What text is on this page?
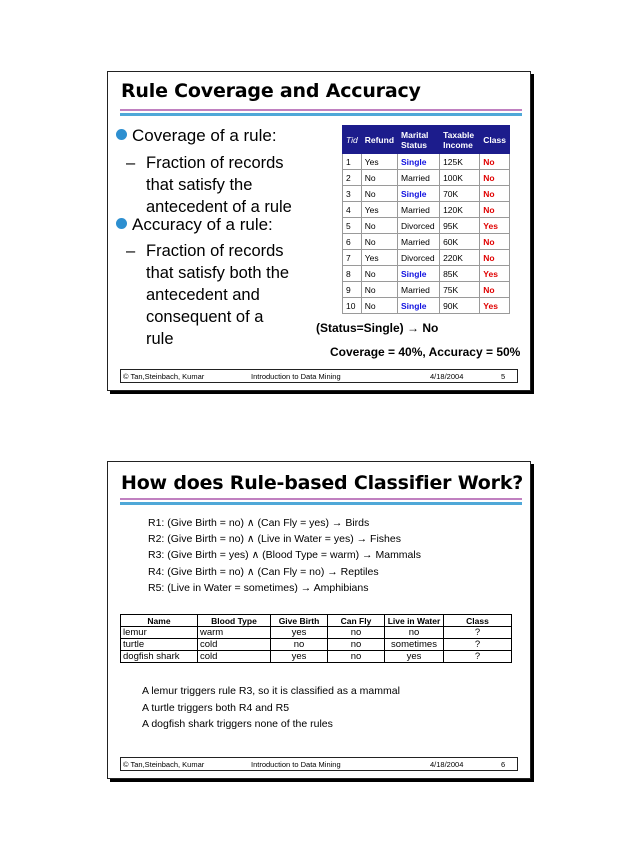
Rule Coverage and Accuracy
Coverage of a rule:
– Fraction of records
that satisfy the
antecedent of a rule
Accuracy of a rule:
– Fraction of records
that satisfy both the
antecedent and
consequent of a
rule
Tid	Refund	Marital Status	Taxable Income	Class
1	Yes	Single	125K	No
2	No	Married	100K	No
3	No	Single	70K	No
4	Yes	Married	120K	No
5	No	Divorced	95K	Yes
6	No	Married	60K	No
7	Yes	Divorced	220K	No
8	No	Single	85K	Yes
9	No	Married	75K	No
10	No	Single	90K	Yes
(Status=Single) → No
Coverage = 40%, Accuracy = 50%
© Tan,Steinbach, Kumar	Introduction to Data Mining	4/18/2004	5
How does Rule-based Classifier Work?
R1: (Give Birth = no) ∧ (Can Fly = yes) → Birds
R2: (Give Birth = no) ∧ (Live in Water = yes) → Fishes
R3: (Give Birth = yes) ∧ (Blood Type = warm) → Mammals
R4: (Give Birth = no) ∧ (Can Fly = no) → Reptiles
R5: (Live in Water = sometimes) → Amphibians
Name	Blood Type	Give Birth	Can Fly	Live in Water	Class
lemur	warm	yes	no	no	?
turtle	cold	no	no	sometimes	?
dogfish shark	cold	yes	no	yes	?
A lemur triggers rule R3, so it is classified as a mammal
A turtle triggers both R4 and R5
A dogfish shark triggers none of the rules
© Tan,Steinbach, Kumar	Introduction to Data Mining	4/18/2004	6
